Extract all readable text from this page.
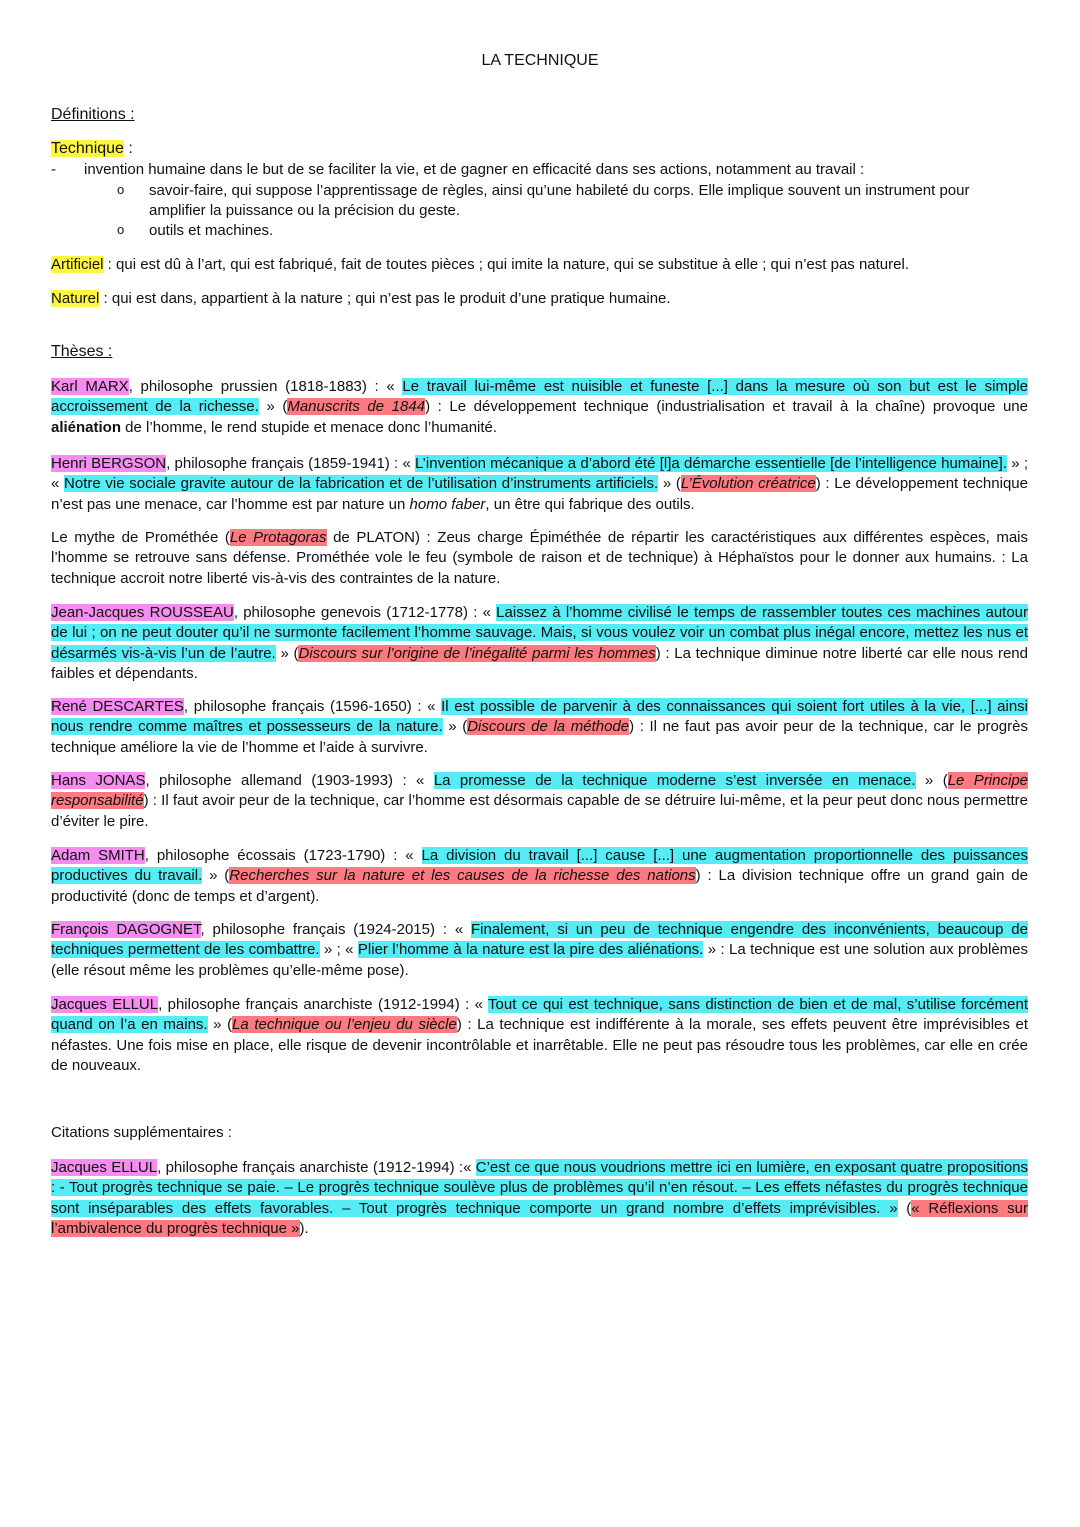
LA TECHNIQUE
Définitions :
Technique :
- invention humaine dans le but de se faciliter la vie, et de gagner en efficacité dans ses actions, notamment au travail :
o savoir-faire, qui suppose l’apprentissage de règles, ainsi qu’une habileté du corps. Elle implique souvent un instrument pour amplifier la puissance ou la précision du geste.
o outils et machines.
Artificiel : qui est dû à l’art, qui est fabriqué, fait de toutes pièces ; qui imite la nature, qui se substitue à elle ; qui n’est pas naturel.
Naturel : qui est dans, appartient à la nature ; qui n’est pas le produit d’une pratique humaine.
Thèses :
Karl MARX, philosophe prussien (1818-1883) : « Le travail lui-même est nuisible et funeste [...] dans la mesure où son but est le simple accroissement de la richesse. » (Manuscrits de 1844) : Le développement technique (industrialisation et travail à la chaîne) provoque une aliénation de l’homme, le rend stupide et menace donc l’humanité.
Henri BERGSON, philosophe français (1859-1941) : « L’invention mécanique a d’abord été [l]a démarche essentielle [de l’intelligence humaine]. » ; « Notre vie sociale gravite autour de la fabrication et de l’utilisation d’instruments artificiels. » (L’Évolution créatrice) : Le développement technique n’est pas une menace, car l’homme est par nature un homo faber, un être qui fabrique des outils.
Le mythe de Prométhée (Le Protagoras de PLATON) : Zeus charge Épiméthée de répartir les caractéristiques aux différentes espèces, mais l’homme se retrouve sans défense. Prométhée vole le feu (symbole de raison et de technique) à Héphaïstos pour le donner aux humains. : La technique accroit notre liberté vis-à-vis des contraintes de la nature.
Jean-Jacques ROUSSEAU, philosophe genevois (1712-1778) : « Laissez à l’homme civilisé le temps de rassembler toutes ces machines autour de lui ; on ne peut douter qu’il ne surmonte facilement l’homme sauvage. Mais, si vous voulez voir un combat plus inégal encore, mettez les nus et désarmés vis-à-vis l’un de l’autre. » (Discours sur l’origine de l’inégalité parmi les hommes) : La technique diminue notre liberté car elle nous rend faibles et dépendants.
René DESCARTES, philosophe français (1596-1650) : « Il est possible de parvenir à des connaissances qui soient fort utiles à la vie, [...] ainsi nous rendre comme maîtres et possesseurs de la nature. » (Discours de la méthode) : Il ne faut pas avoir peur de la technique, car le progrès technique améliore la vie de l’homme et l’aide à survivre.
Hans JONAS, philosophe allemand (1903-1993) : « La promesse de la technique moderne s’est inversée en menace. » (Le Principe responsabilité) : Il faut avoir peur de la technique, car l’homme est désormais capable de se détruire lui-même, et la peur peut donc nous permettre d’éviter le pire.
Adam SMITH, philosophe écossais (1723-1790) : « La division du travail [...] cause [...] une augmentation proportionnelle des puissances productives du travail. » (Recherches sur la nature et les causes de la richesse des nations) : La division technique offre un grand gain de productivité (donc de temps et d’argent).
François DAGOGNET, philosophe français (1924-2015) : « Finalement, si un peu de technique engendre des inconvénients, beaucoup de techniques permettent de les combattre. » ; « Plier l’homme à la nature est la pire des aliénations. » : La technique est une solution aux problèmes (elle résout même les problèmes qu’elle-même pose).
Jacques ELLUL, philosophe français anarchiste (1912-1994) : « Tout ce qui est technique, sans distinction de bien et de mal, s’utilise forcément quand on l’a en mains. » (La technique ou l’enjeu du siècle) : La technique est indifférente à la morale, ses effets peuvent être imprévisibles et néfastes. Une fois mise en place, elle risque de devenir incontrôlable et inarrêtable. Elle ne peut pas résoudre tous les problèmes, car elle en crée de nouveaux.
Citations supplémentaires :
Jacques ELLUL, philosophe français anarchiste (1912-1994) :« C’est ce que nous voudrions mettre ici en lumière, en exposant quatre propositions : - Tout progrès technique se paie. – Le progrès technique soulève plus de problèmes qu’il n’en résout. – Les effets néfastes du progrès technique sont inséparables des effets favorables. – Tout progrès technique comporte un grand nombre d’effets imprévisibles. » (« Réflexions sur l’ambivalence du progrès technique »).
